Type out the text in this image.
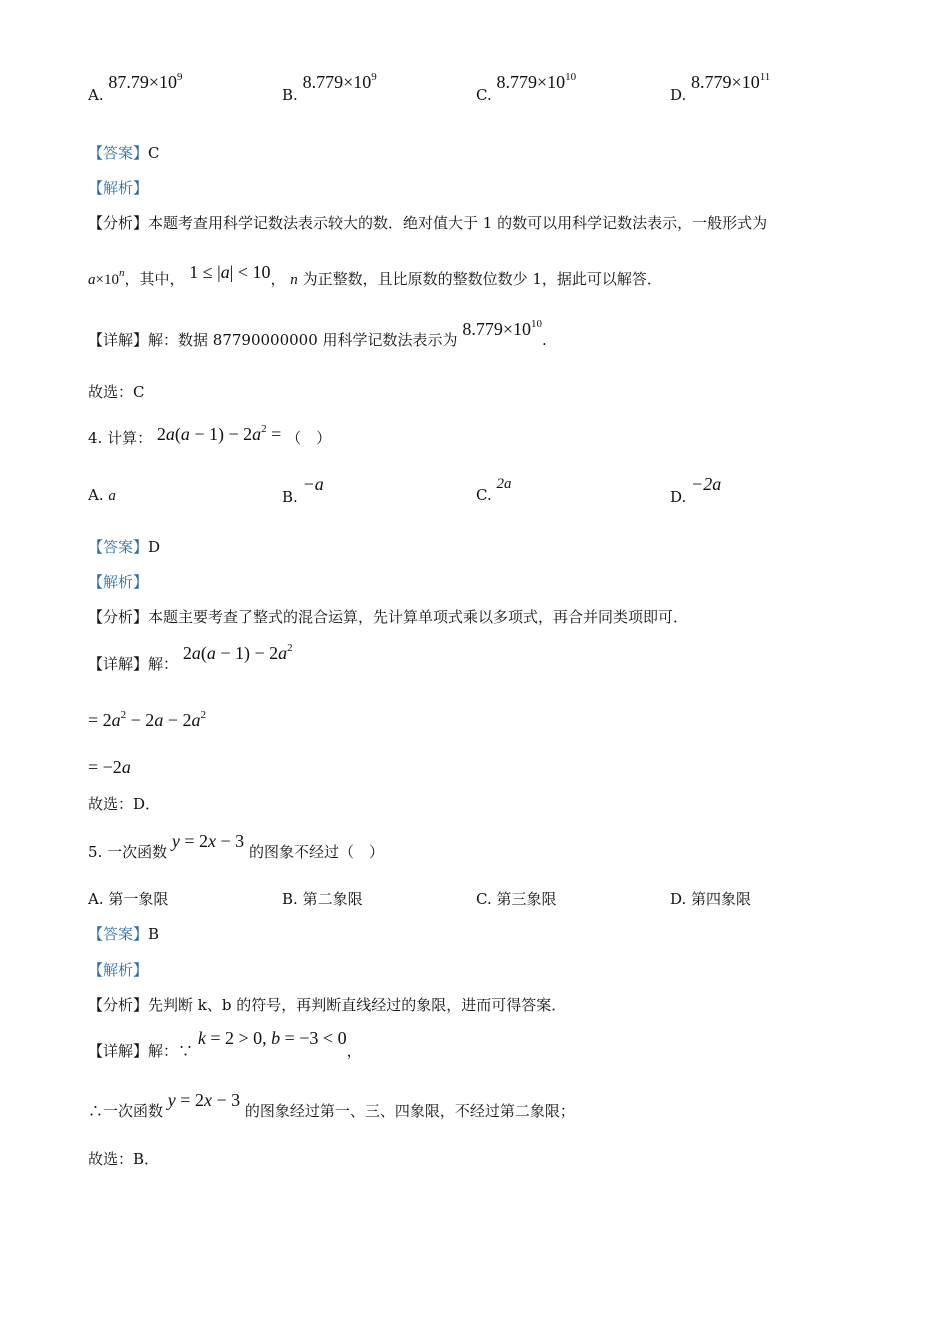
A. $87.79\times 10^9$
B. $8.779\times 10^9$
C. $8.779\times 10^{10}$
D. $8.779\times 10^{11}$
【答案】C
【解析】
【分析】本题考查用科学记数法表示较大的数．绝对值大于 1 的数可以用科学记数法表示，一般形式为
$a\times 10^n$，其中， 1 ≤ |a| < 10， n 为正整数，且比原数的整数位数少 1，据此可以解答．
【详解】解：数据 87790000000 用科学记数法表示为 $8.779\times 10^{10}$.
故选：C
4. 计算： $2a(a - 1) - 2a^2$ = （　）
A. a	B. −a
C. 2a
D. −2a
【答案】D
【解析】
【分析】本题主要考查了整式的混合运算，先计算单项式乘以多项式，再合并同类项即可．
【详解】解： $2a(a - 1) - 2a^2$
= $2a^2 - 2a - 2a^2$
= −2a
故选：D．
5. 一次函数 y = 2x − 3 的图象不经过（　）
A. 第一象限	B. 第二象限	C. 第三象限	D. 第四象限
【答案】B
【解析】
【分析】先判断 k、b 的符号，再判断直线经过的象限，进而可得答案．
【详解】解：∵ k = 2 > 0, b = −3 < 0，
∴一次函数 y = 2x − 3 的图象经过第一、三、四象限，不经过第二象限；
故选：B．
